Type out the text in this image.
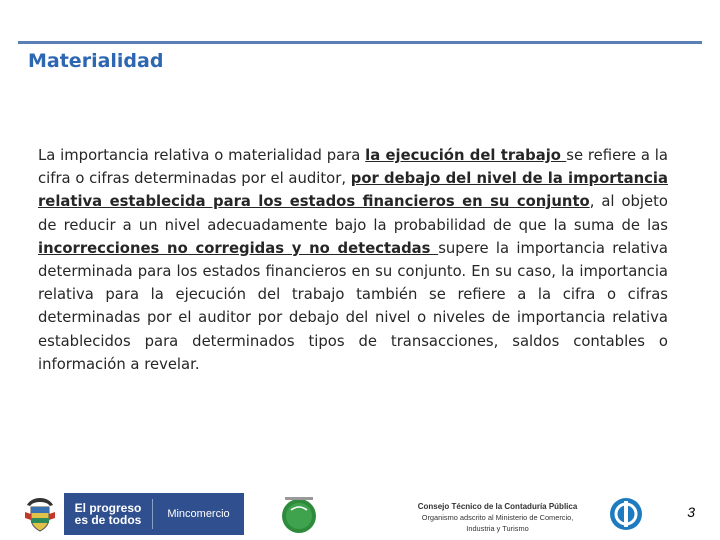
Materialidad

La importancia relativa o materialidad para la ejecución del trabajo se refiere a la cifra o cifras determinadas por el auditor, por debajo del nivel de la importancia relativa establecida para los estados financieros en su conjunto, al objeto de reducir a un nivel adecuadamente bajo la probabilidad de que la suma de las incorrecciones no corregidas y no detectadas supere la importancia relativa determinada para los estados financieros en su conjunto. En su caso, la importancia relativa para la ejecución del trabajo también se refiere a la cifra o cifras determinadas por el auditor por debajo del nivel o niveles de importancia relativa establecidos para determinados tipos de transacciones, saldos contables o información a revelar.

El progreso
es de todos	Mincomercio
Consejo Técnico de la Contaduría Pública
Organismo adscrito al Ministerio de Comercio, Industria y Turismo
3
